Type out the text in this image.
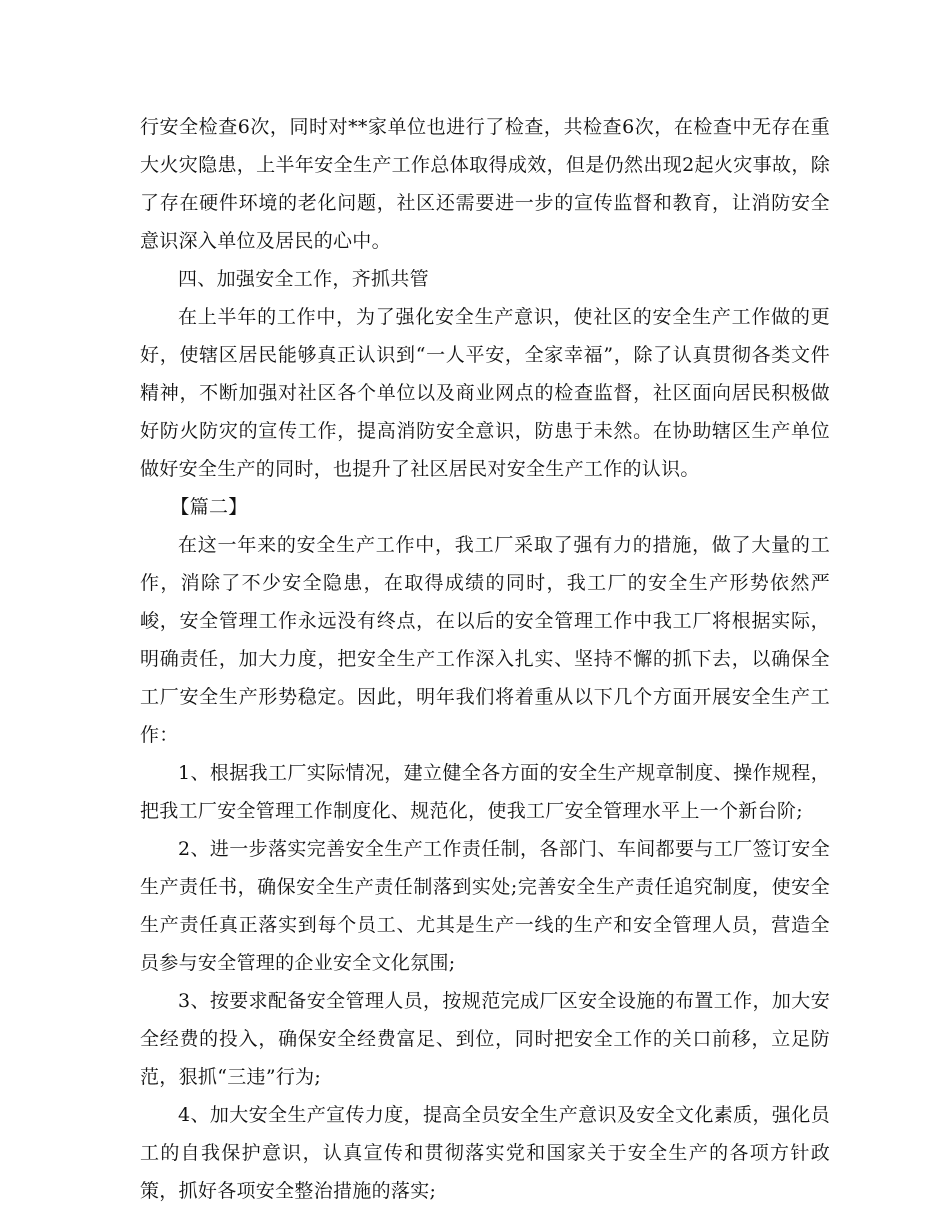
行安全检查6次，同时对**家单位也进行了检查，共检查6次，在检查中无存在重大火灾隐患，上半年安全生产工作总体取得成效，但是仍然出现2起火灾事故，除了存在硬件环境的老化问题，社区还需要进一步的宣传监督和教育，让消防安全意识深入单位及居民的心中。

四、加强安全工作，齐抓共管

在上半年的工作中，为了强化安全生产意识，使社区的安全生产工作做的更好，使辖区居民能够真正认识到“一人平安，全家幸福”，除了认真贯彻各类文件精神，不断加强对社区各个单位以及商业网点的检查监督，社区面向居民积极做好防火防灾的宣传工作，提高消防安全意识，防患于未然。在协助辖区生产单位做好安全生产的同时，也提升了社区居民对安全生产工作的认识。

【篇二】

在这一年来的安全生产工作中，我工厂采取了强有力的措施，做了大量的工作，消除了不少安全隐患，在取得成绩的同时，我工厂的安全生产形势依然严峻，安全管理工作永远没有终点，在以后的安全管理工作中我工厂将根据实际，明确责任，加大力度，把安全生产工作深入扎实、坚持不懈的抓下去，以确保全工厂安全生产形势稳定。因此，明年我们将着重从以下几个方面开展安全生产工作：

1、根据我工厂实际情况，建立健全各方面的安全生产规章制度、操作规程，把我工厂安全管理工作制度化、规范化，使我工厂安全管理水平上一个新台阶;

2、进一步落实完善安全生产工作责任制，各部门、车间都要与工厂签订安全生产责任书，确保安全生产责任制落到实处;完善安全生产责任追究制度，使安全生产责任真正落实到每个员工、尤其是生产一线的生产和安全管理人员，营造全员参与安全管理的企业安全文化氛围;

3、按要求配备安全管理人员，按规范完成厂区安全设施的布置工作，加大安全经费的投入，确保安全经费富足、到位，同时把安全工作的关口前移，立足防范，狠抓“三违”行为;

4、加大安全生产宣传力度，提高全员安全生产意识及安全文化素质，强化员工的自我保护意识，认真宣传和贯彻落实党和国家关于安全生产的各项方针政策，抓好各项安全整治措施的落实;
